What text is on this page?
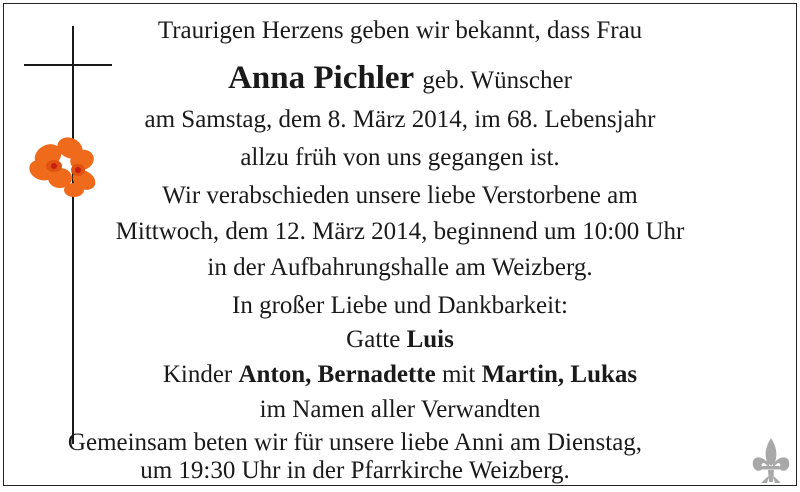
Traurigen Herzens geben wir bekannt, dass Frau
Anna Pichler geb. Wünscher
am Samstag, dem 8. März 2014, im 68. Lebensjahr
allzu früh von uns gegangen ist.
Wir verabschieden unsere liebe Verstorbene am
Mittwoch, dem 12. März 2014, beginnend um 10:00 Uhr
in der Aufbahrungshalle am Weizberg.
In großer Liebe und Dankbarkeit:
Gatte Luis
Kinder Anton, Bernadette mit Martin, Lukas
im Namen aller Verwandten
Gemeinsam beten wir für unsere liebe Anni am Dienstag,
um 19:30 Uhr in der Pfarrkirche Weizberg.
